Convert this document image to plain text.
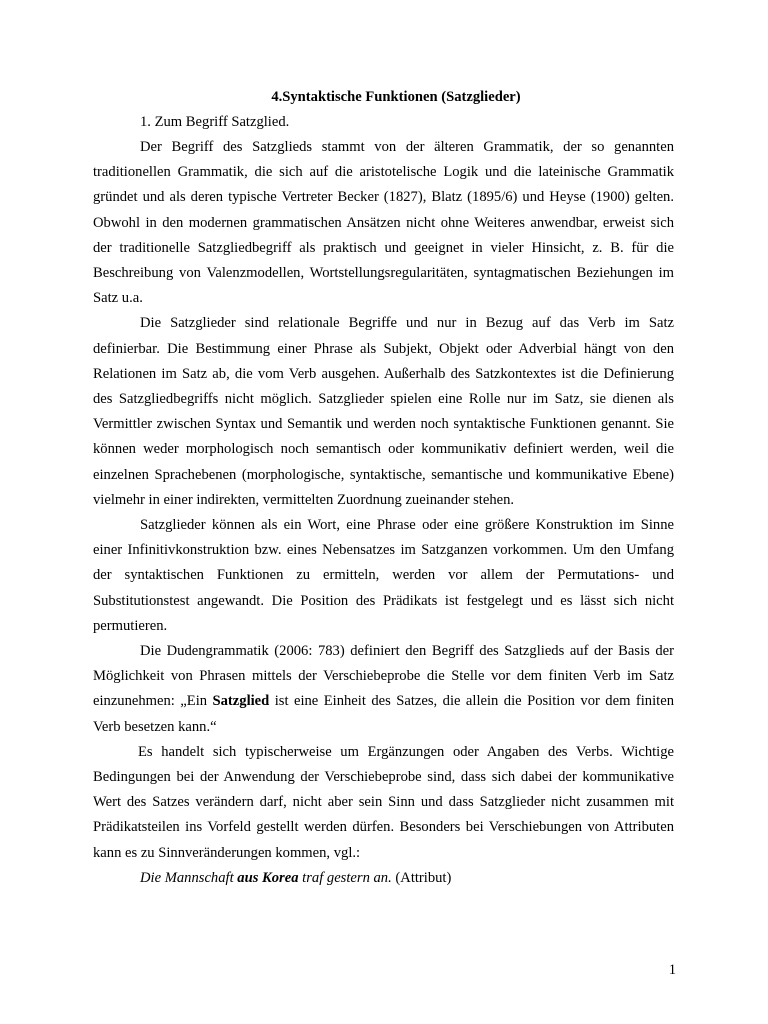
4.Syntaktische Funktionen (Satzglieder)

1. Zum Begriff Satzglied.

Der Begriff des Satzglieds stammt von der älteren Grammatik, der so genannten traditionellen Grammatik, die sich auf die aristotelische Logik und die lateinische Grammatik gründet und als deren typische Vertreter Becker (1827), Blatz (1895/6) und Heyse (1900) gelten. Obwohl in den modernen grammatischen Ansätzen nicht ohne Weiteres anwendbar, erweist sich der traditionelle Satzgliedbegriff als praktisch und geeignet in vieler Hinsicht, z. B. für die Beschreibung von Valenzmodellen, Wortstellungsregularitäten, syntagmatischen Beziehungen im Satz u.a.

Die Satzglieder sind relationale Begriffe und nur in Bezug auf das Verb im Satz definierbar. Die Bestimmung einer Phrase als Subjekt, Objekt oder Adverbial hängt von den Relationen im Satz ab, die vom Verb ausgehen. Außerhalb des Satzkontextes ist die Definierung des Satzgliedbegriffs nicht möglich. Satzglieder spielen eine Rolle nur im Satz, sie dienen als Vermittler zwischen Syntax und Semantik und werden noch syntaktische Funktionen genannt. Sie können weder morphologisch noch semantisch oder kommunikativ definiert werden, weil die einzelnen Sprachebenen (morphologische, syntaktische, semantische und kommunikative Ebene) vielmehr in einer indirekten, vermittelten Zuordnung zueinander stehen.

Satzglieder können als ein Wort, eine Phrase oder eine größere Konstruktion im Sinne einer Infinitivkonstruktion bzw. eines Nebensatzes im Satzganzen vorkommen. Um den Umfang der syntaktischen Funktionen zu ermitteln, werden vor allem der Permutations- und Substitutionstest angewandt. Die Position des Prädikats ist festgelegt und es lässt sich nicht permutieren.

Die Dudengrammatik (2006: 783) definiert den Begriff des Satzglieds auf der Basis der Möglichkeit von Phrasen mittels der Verschiebeprobe die Stelle vor dem finiten Verb im Satz einzunehmen: „Ein Satzglied ist eine Einheit des Satzes, die allein die Position vor dem finiten Verb besetzen kann.“

Es handelt sich typischerweise um Ergänzungen oder Angaben des Verbs. Wichtige Bedingungen bei der Anwendung der Verschiebeprobe sind, dass sich dabei der kommunikative Wert des Satzes verändern darf, nicht aber sein Sinn und dass Satzglieder nicht zusammen mit Prädikatsteilen ins Vorfeld gestellt werden dürfen. Besonders bei Verschiebungen von Attributen kann es zu Sinnveränderungen kommen, vgl.:

Die Mannschaft aus Korea traf gestern an. (Attribut)

1
